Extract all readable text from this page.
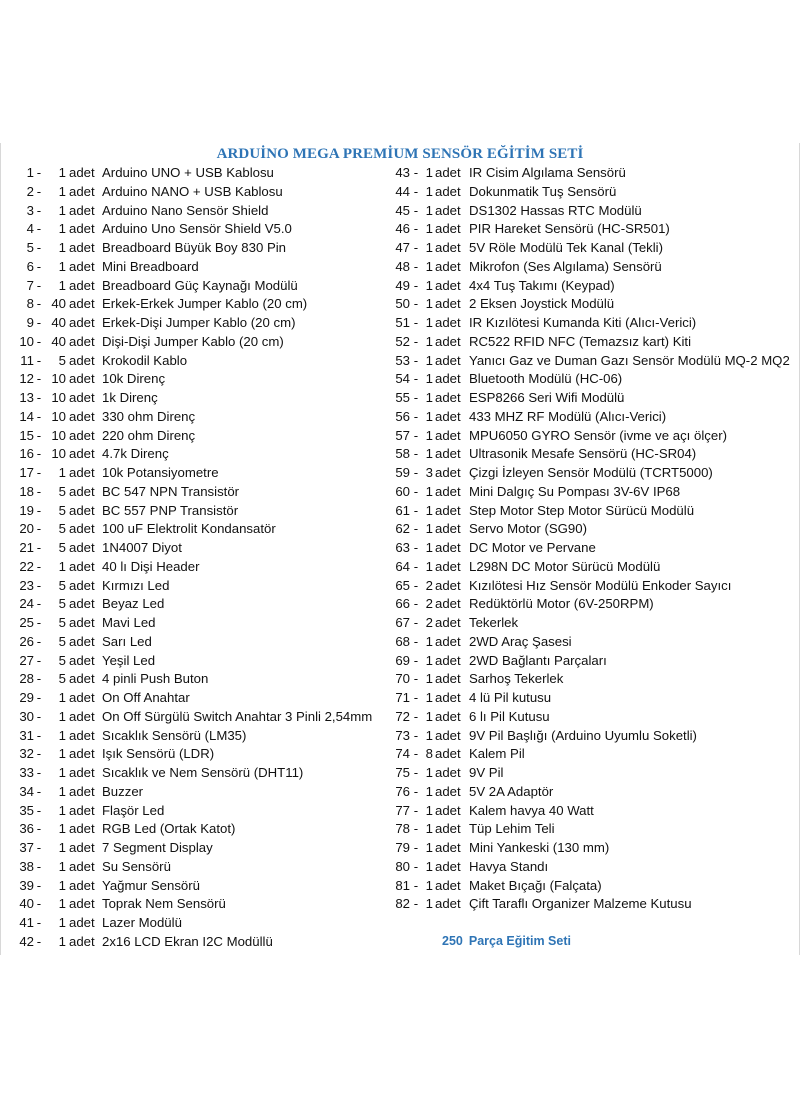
ARDUİNO MEGA PREMİUM SENSÖR EĞİTİM SETİ
1 -	1 adet Arduino UNO + USB Kablosu
2 -	1 adet Arduino NANO + USB Kablosu
3 -	1 adet Arduino Nano Sensör Shield
4 -	1 adet Arduino Uno Sensör Shield V5.0
5 -	1 adet Breadboard Büyük Boy 830 Pin
6 -	1 adet Mini Breadboard
7 -	1 adet Breadboard Güç Kaynağı Modülü
8 - 40 adet Erkek-Erkek Jumper Kablo (20 cm)
9 - 40 adet Erkek-Dişi Jumper Kablo (20 cm)
10 - 40 adet Dişi-Dişi Jumper Kablo (20 cm)
11 -	5 adet Krokodil Kablo
12 - 10 adet 10k Direnç
13 - 10 adet 1k Direnç
14 - 10 adet 330 ohm Direnç
15 - 10 adet 220 ohm Direnç
16 - 10 adet 4.7k Direnç
17 -	1 adet 10k Potansiyometre
18 -	5 adet BC 547 NPN Transistör
19 -	5 adet BC 557 PNP Transistör
20 -	5 adet 100 uF Elektrolit Kondansatör
21 -	5 adet 1N4007 Diyot
22 -	1 adet 40 lı Dişi Header
23 -	5 adet Kırmızı Led
24 -	5 adet Beyaz Led
25 -	5 adet Mavi Led
26 -	5 adet Sarı Led
27 -	5 adet Yeşil Led
28 -	5 adet 4 pinli Push Buton
29 -	1 adet On Off Anahtar
30 -	1 adet On Off Sürgülü Switch Anahtar 3 Pinli 2,54mm
31 -	1 adet Sıcaklık Sensörü (LM35)
32 -	1 adet Işık Sensörü (LDR)
33 -	1 adet Sıcaklık ve Nem Sensörü (DHT11)
34 -	1 adet Buzzer
35 -	1 adet Flaşör Led
36 -	1 adet RGB Led (Ortak Katot)
37 -	1 adet 7 Segment Display
38 -	1 adet Su Sensörü
39 -	1 adet Yağmur Sensörü
40 -	1 adet Toprak Nem Sensörü
41 -	1 adet Lazer Modülü
42 -	1 adet 2x16 LCD Ekran I2C Modüllü
43 - 1 adet IR Cisim Algılama Sensörü
44 - 1 adet Dokunmatik Tuş Sensörü
45 - 1 adet DS1302 Hassas RTC Modülü
46 - 1 adet PIR Hareket Sensörü (HC-SR501)
47 - 1 adet 5V Röle Modülü Tek Kanal (Tekli)
48 - 1 adet Mikrofon (Ses Algılama) Sensörü
49 - 1 adet 4x4 Tuş Takımı (Keypad)
50 - 1 adet 2 Eksen Joystick Modülü
51 - 1 adet IR Kızılötesi Kumanda Kiti (Alıcı-Verici)
52 - 1 adet RC522 RFID NFC (Temazsız kart) Kiti
53 - 1 adet Yanıcı Gaz ve Duman Gazı Sensör Modülü MQ-2 MQ2
54 - 1 adet Bluetooth Modülü (HC-06)
55 - 1 adet ESP8266 Seri Wifi Modülü
56 - 1 adet 433 MHZ RF Modülü (Alıcı-Verici)
57 - 1 adet MPU6050 GYRO Sensör (ivme ve açı ölçer)
58 - 1 adet Ultrasonik Mesafe Sensörü (HC-SR04)
59 - 3 adet Çizgi İzleyen Sensör Modülü (TCRT5000)
60 - 1 adet Mini Dalgıç Su Pompası 3V-6V IP68
61 - 1 adet Step Motor Step Motor Sürücü Modülü
62 - 1 adet Servo Motor (SG90)
63 - 1 adet DC Motor ve Pervane
64 - 1 adet L298N DC Motor Sürücü Modülü
65 - 2 adet Kızılötesi Hız Sensör Modülü Enkoder Sayıcı
66 - 2 adet Redüktörlü Motor (6V-250RPM)
67 - 2 adet Tekerlek
68 - 1 adet 2WD Araç Şasesi
69 - 1 adet 2WD Bağlantı Parçaları
70 - 1 adet Sarhoş Tekerlek
71 - 1 adet 4 lü Pil kutusu
72 - 1 adet 6 lı Pil Kutusu
73 - 1 adet 9V Pil Başlığı (Arduino Uyumlu Soketli)
74 - 8 adet Kalem Pil
75 - 1 adet 9V Pil
76 - 1 adet 5V 2A Adaptör
77 - 1 adet Kalem havya 40 Watt
78 - 1 adet Tüp Lehim Teli
79 - 1 adet Mini Yankeski (130 mm)
80 - 1 adet Havya Standı
81 - 1 adet Maket Bıçağı (Falçata)
82 - 1 adet Çift Taraflı Organizer Malzeme Kutusu
250 Parça Eğitim Seti
